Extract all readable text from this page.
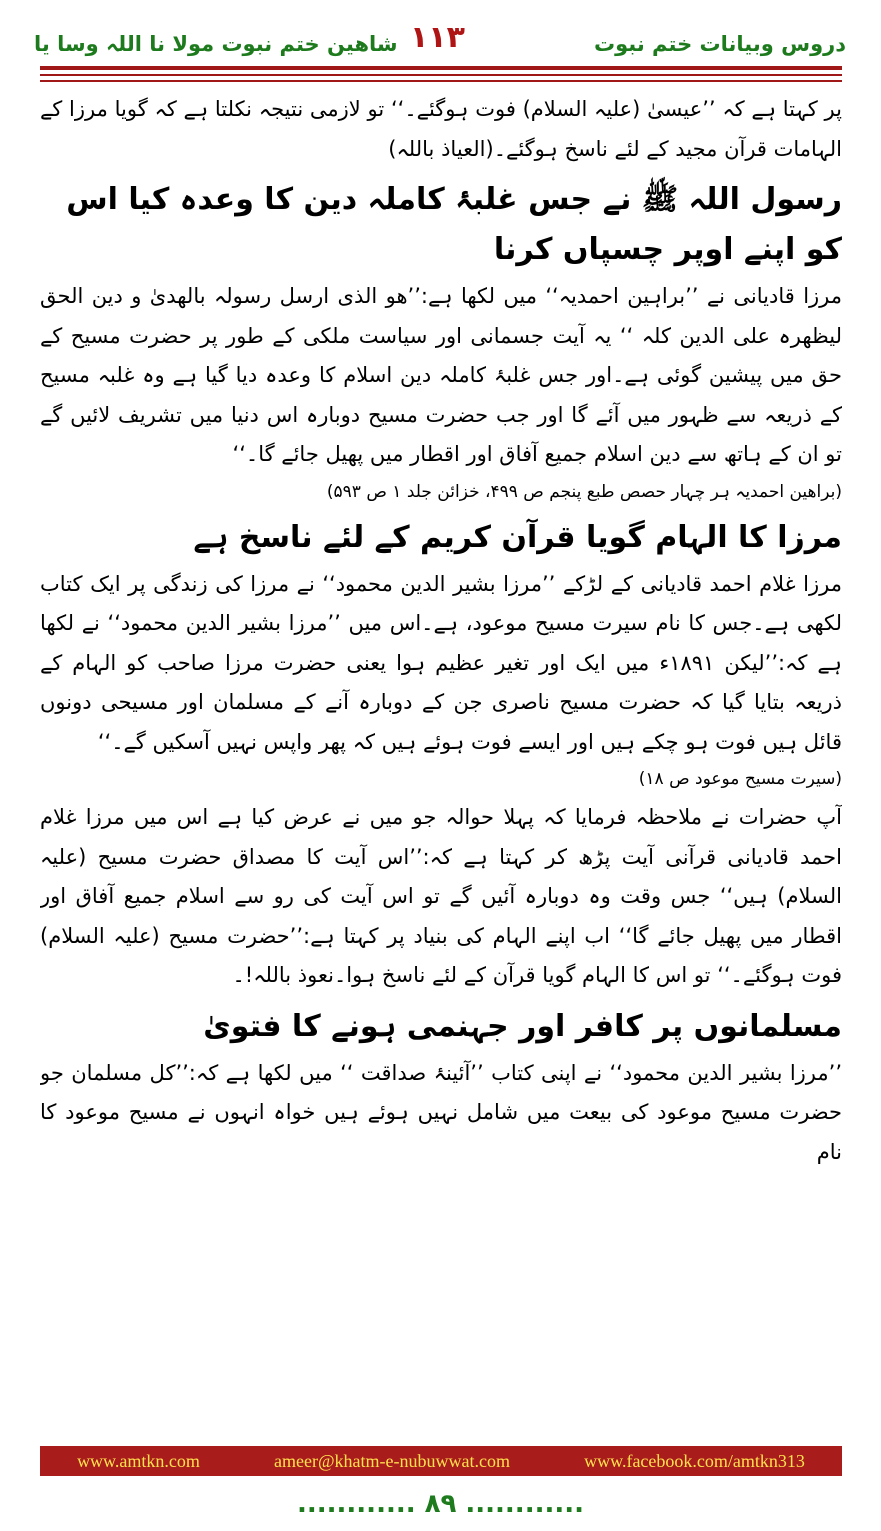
دروس وبیانات ختم نبوت
١١٣
شاھین ختم نبوت مولا نا اللہ وسا یا

پر کہتا ہے کہ ’’عیسیٰ (علیہ السلام) فوت ہوگئے۔‘‘ تو لازمی نتیجہ نکلتا ہے کہ گویا مرزا کے الہامات قرآن مجید کے لئے ناسخ ہوگئے۔(العیاذ باللہ)

رسول اللہ ﷺ نے جس غلبۂ کاملہ دین کا وعدہ کیا اس کو اپنے اوپر چسپاں کرنا

مرزا قادیانی نے ’’براہین احمدیہ‘‘ میں لکھا ہے:’’ھو الذی ارسل رسولہ بالھدیٰ و دین الحق لیظھرہ علی الدین کلہ ‘‘ یہ آیت جسمانی اور سیاست ملکی کے طور پر حضرت مسیح کے حق میں پیشین گوئی ہے۔اور جس غلبۂ کاملہ دین اسلام کا وعدہ دیا گیا ہے وہ غلبہ مسیح کے ذریعہ سے ظہور میں آئے گا اور جب حضرت مسیح دوبارہ اس دنیا میں تشریف لائیں گے تو ان کے ہاتھ سے دین اسلام جمیع آفاق اور اقطار میں پھیل جائے گا۔‘‘

(براھین احمدیہ ہر چہار حصص طبع پنجم ص ۴۹۹، خزائن جلد ۱ ص ۵۹۳)
مرزا کا الہام گویا قرآن کریم کے لئے ناسخ ہے

مرزا غلام احمد قادیانی کے لڑکے ’’مرزا بشیر الدین محمود‘‘ نے مرزا کی زندگی پر ایک کتاب لکھی ہے۔جس کا نام سیرت مسیح موعود، ہے۔اس میں ’’مرزا بشیر الدین محمود‘‘ نے لکھا ہے کہ:’’لیکن ۱۸۹۱ء میں ایک اور تغیر عظیم ہوا یعنی حضرت مرزا صاحب کو الہام کے ذریعہ بتایا گیا کہ حضرت مسیح ناصری جن کے دوبارہ آنے کے مسلمان اور مسیحی دونوں قائل ہیں فوت ہو چکے ہیں اور ایسے فوت ہوئے ہیں کہ پھر واپس نہیں آسکیں گے۔‘‘

(سیرت مسیح موعود ص ۱۸)

آپ حضرات نے ملاحظہ فرمایا کہ پہلا حوالہ جو میں نے عرض کیا ہے اس میں مرزا غلام احمد قادیانی قرآنی آیت پڑھ کر کہتا ہے کہ:’’اس آیت کا مصداق حضرت مسیح (علیہ السلام) ہیں‘‘ جس وقت وہ دوبارہ آئیں گے تو اس آیت کی رو سے اسلام جمیع آفاق اور اقطار میں پھیل جائے گا‘‘ اب اپنے الہام کی بنیاد پر کہتا ہے:’’حضرت مسیح (علیہ السلام) فوت ہوگئے۔‘‘ تو اس کا الہام گویا قرآن کے لئے ناسخ ہوا۔نعوذ باللہ!۔

مسلمانوں پر کافر اور جہنمی ہونے کا فتویٰ

’’مرزا بشیر الدین محمود‘‘ نے اپنی کتاب ’’آئینۂ صداقت ‘‘ میں لکھا ہے کہ:’’کل مسلمان جو حضرت مسیح موعود کی بیعت میں شامل نہیں ہوئے ہیں خواہ انہوں نے مسیح موعود کا نام

www.amtkn.com	ameer@khatm-e-nubuwwat.com	www.facebook.com/amtkn313
............ ٨٩ ............
